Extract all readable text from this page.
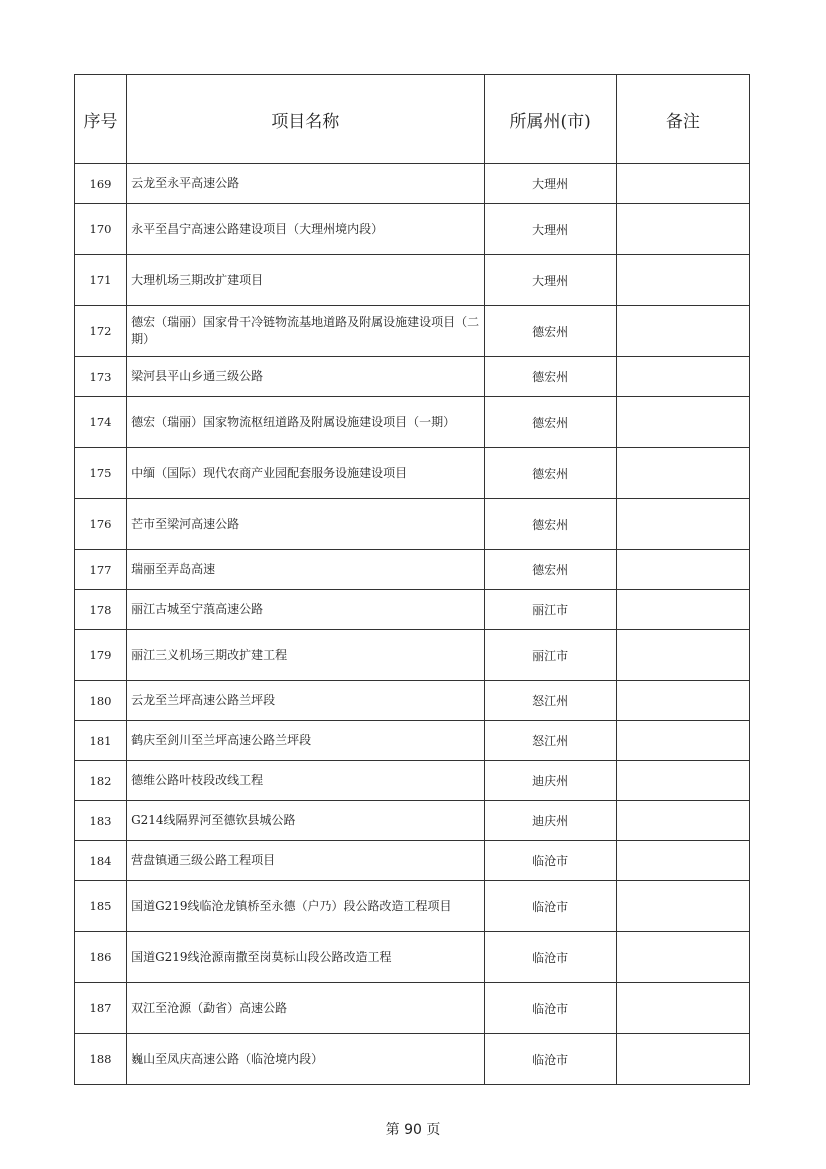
序号	项目名称	所属州(市)	备注
169	云龙至永平高速公路	大理州	
170	永平至昌宁高速公路建设项目（大理州境内段）	大理州	
171	大理机场三期改扩建项目	大理州	
172	德宏（瑞丽）国家骨干冷链物流基地道路及附属设施建设项目（二期）	德宏州	
173	梁河县平山乡通三级公路	德宏州	
174	德宏（瑞丽）国家物流枢纽道路及附属设施建设项目（一期）	德宏州	
175	中缅（国际）现代农商产业园配套服务设施建设项目	德宏州	
176	芒市至梁河高速公路	德宏州	
177	瑞丽至弄岛高速	德宏州	
178	丽江古城至宁蒗高速公路	丽江市	
179	丽江三义机场三期改扩建工程	丽江市	
180	云龙至兰坪高速公路兰坪段	怒江州	
181	鹤庆至剑川至兰坪高速公路兰坪段	怒江州	
182	德维公路叶枝段改线工程	迪庆州	
183	G214线隔界河至德钦县城公路	迪庆州	
184	营盘镇通三级公路工程项目	临沧市	
185	国道G219线临沧龙镇桥至永德（户乃）段公路改造工程项目	临沧市	
186	国道G219线沧源南撒至岗莫标山段公路改造工程	临沧市	
187	双江至沧源（勐省）高速公路	临沧市	
188	巍山至凤庆高速公路（临沧境内段）	临沧市	
第 90 页
